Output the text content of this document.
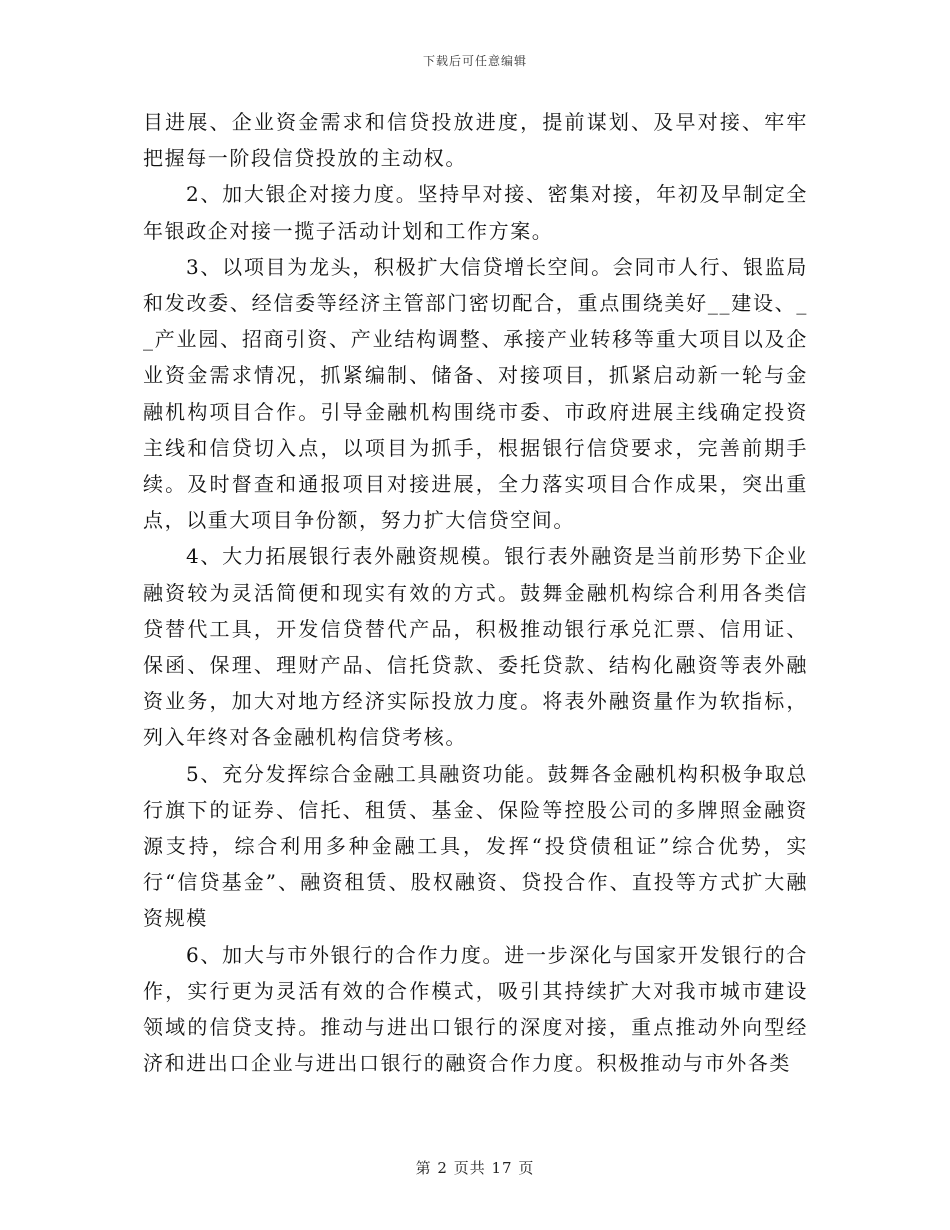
下载后可任意编辑

目进展、企业资金需求和信贷投放进度，提前谋划、及早对接、牢牢把握每一阶段信贷投放的主动权。

2、加大银企对接力度。坚持早对接、密集对接，年初及早制定全年银政企对接一揽子活动计划和工作方案。

3、以项目为龙头，积极扩大信贷增长空间。会同市人行、银监局和发改委、经信委等经济主管部门密切配合，重点围绕美好__建设、__产业园、招商引资、产业结构调整、承接产业转移等重大项目以及企业资金需求情况，抓紧编制、储备、对接项目，抓紧启动新一轮与金融机构项目合作。引导金融机构围绕市委、市政府进展主线确定投资主线和信贷切入点，以项目为抓手，根据银行信贷要求，完善前期手续。及时督查和通报项目对接进展，全力落实项目合作成果，突出重点，以重大项目争份额，努力扩大信贷空间。

4、大力拓展银行表外融资规模。银行表外融资是当前形势下企业融资较为灵活简便和现实有效的方式。鼓舞金融机构综合利用各类信贷替代工具，开发信贷替代产品，积极推动银行承兑汇票、信用证、保函、保理、理财产品、信托贷款、委托贷款、结构化融资等表外融资业务，加大对地方经济实际投放力度。将表外融资量作为软指标，列入年终对各金融机构信贷考核。

5、充分发挥综合金融工具融资功能。鼓舞各金融机构积极争取总行旗下的证券、信托、租赁、基金、保险等控股公司的多牌照金融资源支持，综合利用多种金融工具，发挥“投贷债租证”综合优势，实行“信贷基金”、融资租赁、股权融资、贷投合作、直投等方式扩大融资规模

6、加大与市外银行的合作力度。进一步深化与国家开发银行的合作，实行更为灵活有效的合作模式，吸引其持续扩大对我市城市建设领域的信贷支持。推动与进出口银行的深度对接，重点推动外向型经济和进出口企业与进出口银行的融资合作力度。积极推动与市外各类

第 2 页共 17 页
